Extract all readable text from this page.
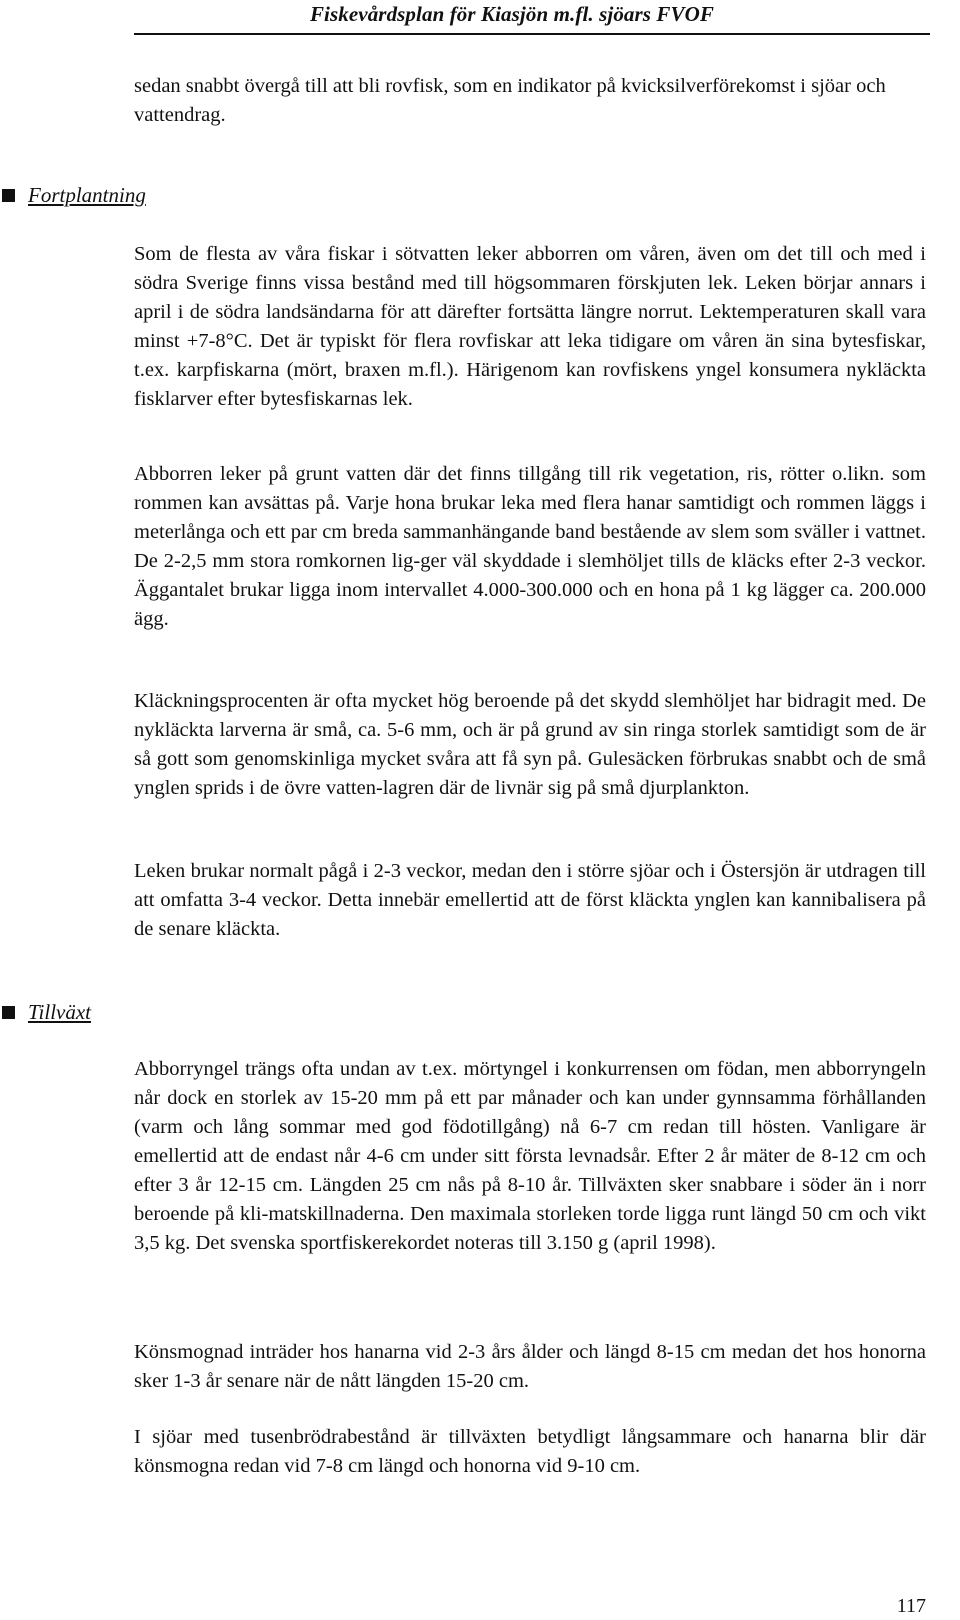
Fiskevårdsplan för Kiasjön m.fl. sjöars FVOF
sedan snabbt övergå till att bli rovfisk, som en indikator på kvicksilverförekomst i sjöar och vattendrag.
Fortplantning
Som de flesta av våra fiskar i sötvatten leker abborren om våren, även om det till och med i södra Sverige finns vissa bestånd med till högsommaren förskjuten lek. Leken börjar annars i april i de södra landsändarna för att därefter fortsätta längre norrut. Lektemperaturen skall vara minst +7-8°C. Det är typiskt för flera rovfiskar att leka tidigare om våren än sina bytesfiskar, t.ex. karpfiskarna (mört, braxen m.fl.). Härigenom kan rovfiskens yngel konsumera nykläckta fisklarver efter bytesfiskarnas lek.
Abborren leker på grunt vatten där det finns tillgång till rik vegetation, ris, rötter o.likn. som rommen kan avsättas på. Varje hona brukar leka med flera hanar samtidigt och rommen läggs i meterlånga och ett par cm breda sammanhängande band bestående av slem som sväller i vattnet. De 2-2,5 mm stora romkornen lig-ger väl skyddade i slemhöljet tills de kläcks efter 2-3 veckor. Äggantalet brukar ligga inom intervallet 4.000-300.000 och en hona på 1 kg lägger ca. 200.000 ägg.
Kläckningsprocenten är ofta mycket hög beroende på det skydd slemhöljet har bidragit med. De nykläckta larverna är små, ca. 5-6 mm, och är på grund av sin ringa storlek samtidigt som de är så gott som genomskinliga mycket svåra att få syn på. Gulesäcken förbrukas snabbt och de små ynglen sprids i de övre vatten-lagren där de livnär sig på små djurplankton.
Leken brukar normalt pågå i 2-3 veckor, medan den i större sjöar och i Östersjön är utdragen till att omfatta 3-4 veckor. Detta innebär emellertid att de först kläckta ynglen kan kannibalisera på de senare kläckta.
Tillväxt
Abborryngel trängs ofta undan av t.ex. mörtyngel i konkurrensen om födan, men abborryngeln når dock en storlek av 15-20 mm på ett par månader och kan under gynnsamma förhållanden (varm och lång sommar med god födotillgång) nå 6-7 cm redan till hösten. Vanligare är emellertid att de endast når 4-6 cm under sitt första levnadsår. Efter 2 år mäter de 8-12 cm och efter 3 år 12-15 cm. Längden 25 cm nås på 8-10 år. Tillväxten sker snabbare i söder än i norr beroende på kli-matskillnaderna. Den maximala storleken torde ligga runt längd 50 cm och vikt 3,5 kg. Det svenska sportfiskerekordet noteras till 3.150 g (april 1998).
Könsmognad inträder hos hanarna vid 2-3 års ålder och längd 8-15 cm medan det hos honorna sker 1-3 år senare när de nått längden 15-20 cm.
I sjöar med tusenbrödrabestånd är tillväxten betydligt långsammare och hanarna blir där könsmogna redan vid 7-8 cm längd och honorna vid 9-10 cm.
117
